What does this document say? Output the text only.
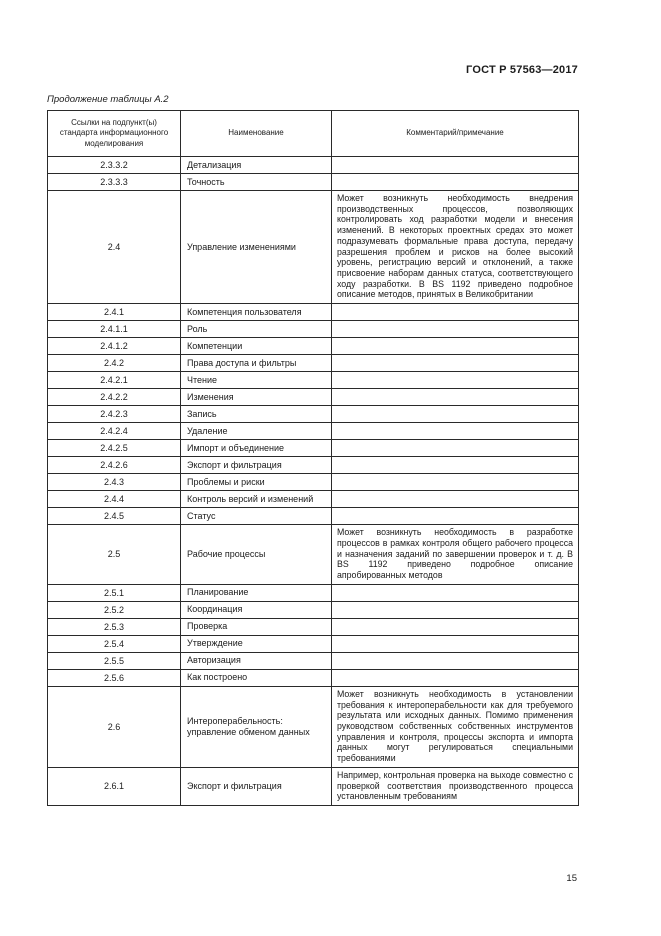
ГОСТ Р 57563—2017
Продолжение таблицы А.2
Ссылки на подпункт(ы) стандарта информационного моделирования	Наименование	Комментарий/примечание
2.3.3.2	Детализация	
2.3.3.3	Точность	
2.4	Управление изменениями	Может возникнуть необходимость внедрения производственных процессов, позволяющих контролировать ход разработки модели и внесения изменений. В некоторых проектных средах это может подразумевать формальные права доступа, передачу разрешения проблем и рисков на более высокий уровень, регистрацию версий и отклонений, а также присвоение наборам данных статуса, соответствующего ходу разработки. В BS 1192 приведено подробное описание методов, принятых в Великобритании
2.4.1	Компетенция пользователя	
2.4.1.1	Роль	
2.4.1.2	Компетенции	
2.4.2	Права доступа и фильтры	
2.4.2.1	Чтение	
2.4.2.2	Изменения	
2.4.2.3	Запись	
2.4.2.4	Удаление	
2.4.2.5	Импорт и объединение	
2.4.2.6	Экспорт и фильтрация	
2.4.3	Проблемы и риски	
2.4.4	Контроль версий и изменений	
2.4.5	Статус	
2.5	Рабочие процессы	Может возникнуть необходимость в разработке процессов в рамках контроля общего рабочего процесса и назначения заданий по завершении проверок и т. д. В BS 1192 приведено подробное описание апробированных методов
2.5.1	Планирование	
2.5.2	Координация	
2.5.3	Проверка	
2.5.4	Утверждение	
2.5.5	Авторизация	
2.5.6	Как построено	
2.6	Интероперабельность: управление обменом данных	Может возникнуть необходимость в установлении требования к интероперабельности как для требуемого результата или исходных данных. Помимо применения руководством собственных собственных инструментов управления и контроля, процессы экспорта и импорта данных могут регулироваться специальными требованиями
2.6.1	Экспорт и фильтрация	Например, контрольная проверка на выходе совместно с проверкой соответствия производственного процесса установленным требованиям
15
